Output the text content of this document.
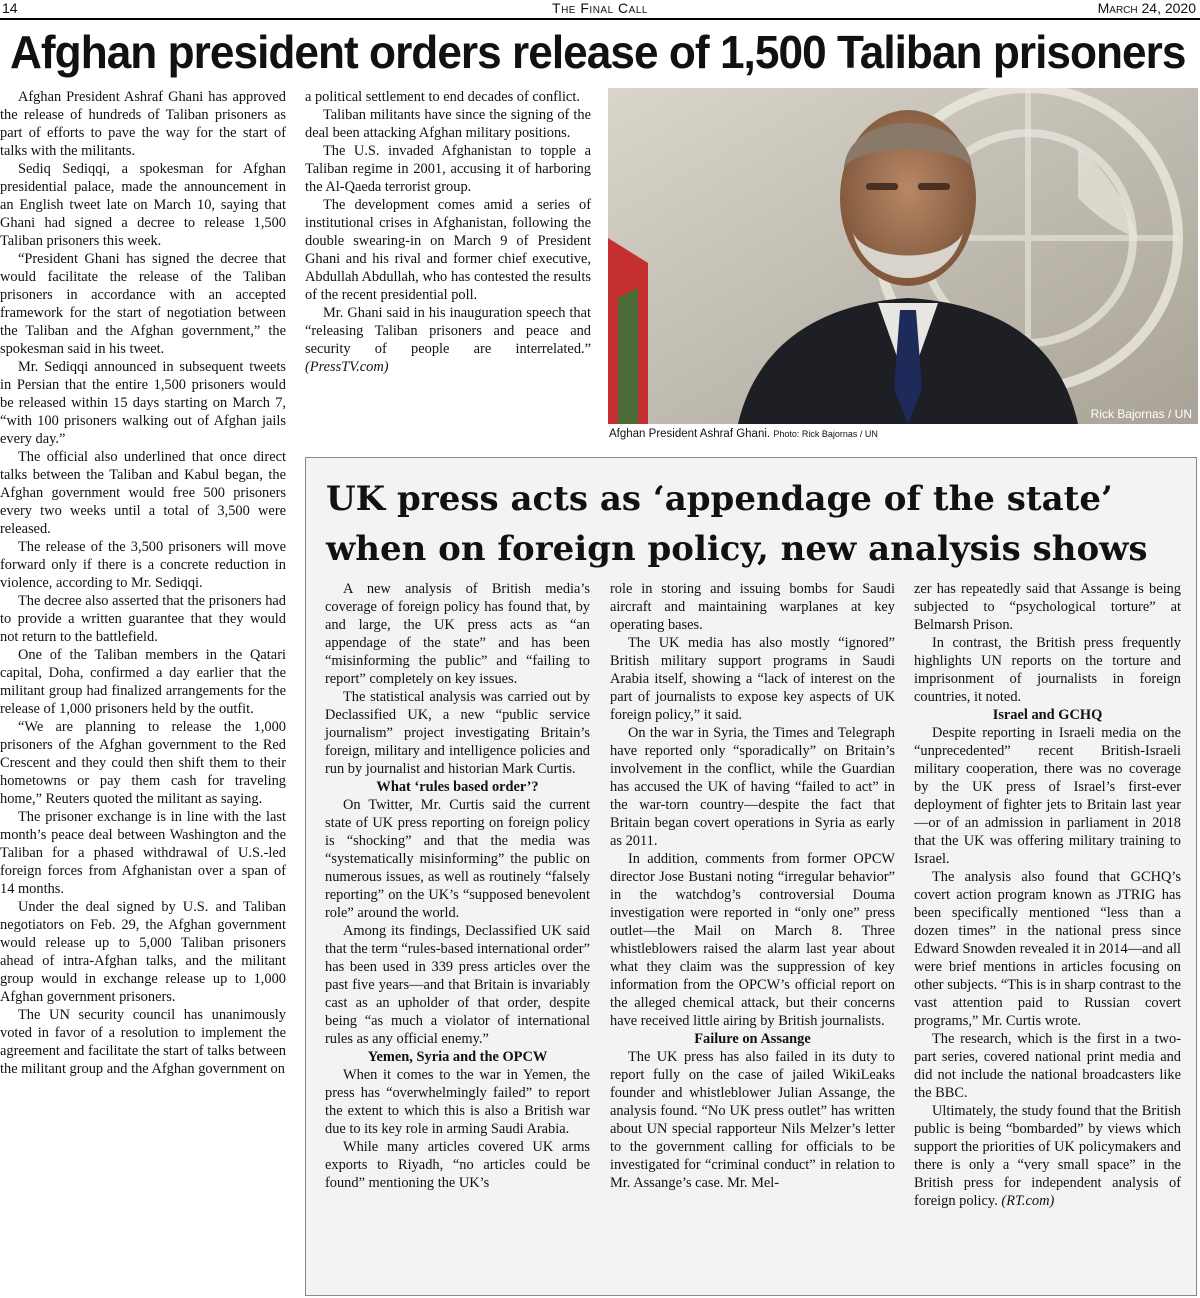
14	The Final Call	March 24, 2020
Afghan president orders release of 1,500 Taliban prisoners

Afghan President Ashraf Ghani has approved the release of hundreds of Taliban prisoners as part of efforts to pave the way for the start of talks with the militants.

Sediq Sediqqi, a spokesman for Afghan presidential palace, made the announcement in an English tweet late on March 10, saying that Ghani had signed a decree to release 1,500 Taliban prisoners this week.

“President Ghani has signed the decree that would facilitate the release of the Taliban prisoners in accordance with an accepted framework for the start of negotiation between the Taliban and the Afghan government,” the spokesman said in his tweet.

Mr. Sediqqi announced in subsequent tweets in Persian that the entire 1,500 prisoners would be released within 15 days starting on March 7, “with 100 prisoners walking out of Afghan jails every day.”

The official also underlined that once direct talks between the Taliban and Kabul began, the Afghan government would free 500 prisoners every two weeks until a total of 3,500 were released.

The release of the 3,500 prisoners will move forward only if there is a concrete reduction in violence, according to Mr. Sediqqi.

The decree also asserted that the prisoners had to provide a written guarantee that they would not return to the battlefield.

One of the Taliban members in the Qatari capital, Doha, confirmed a day earlier that the militant group had finalized arrangements for the release of 1,000 prisoners held by the outfit.

“We are planning to release the 1,000 prisoners of the Afghan government to the Red Crescent and they could then shift them to their hometowns or pay them cash for traveling home,” Reuters quoted the militant as saying.

The prisoner exchange is in line with the last month’s peace deal between Washington and the Taliban for a phased withdrawal of U.S.-led foreign forces from Afghanistan over a span of 14 months.

Under the deal signed by U.S. and Taliban negotiators on Feb. 29, the Afghan government would release up to 5,000 Taliban prisoners ahead of intra-Afghan talks, and the militant group would in exchange release up to 1,000 Afghan government prisoners.

The UN security council has unanimously voted in favor of a resolution to implement the agreement and facilitate the start of talks between the militant group and the Afghan government on

a political settlement to end decades of conflict.

Taliban militants have since the signing of the deal been attacking Afghan military positions.

The U.S. invaded Afghanistan to topple a Taliban regime in 2001, accusing it of harboring the Al-Qaeda terrorist group.

The development comes amid a series of institutional crises in Afghanistan, following the double swearing-in on March 9 of President Ghani and his rival and former chief executive, Abdullah Abdullah, who has contested the results of the recent presidential poll.

Mr. Ghani said in his inauguration speech that “releasing Taliban prisoners and peace and security of people are interrelated.” (PressTV.com)

Rick Bajornas / UN
Afghan President Ashraf Ghani. Photo: Rick Bajornas / UN
UK press acts as ‘appendage of the state’ when on foreign policy, new analysis shows

A new analysis of British media’s coverage of foreign policy has found that, by and large, the UK press acts as “an appendage of the state” and has been “misinforming the public” and “failing to report” completely on key issues.

The statistical analysis was carried out by Declassified UK, a new “public service journalism” project investigating Britain’s foreign, military and intelligence policies and run by journalist and historian Mark Curtis.

What ‘rules based order’?

On Twitter, Mr. Curtis said the current state of UK press reporting on foreign policy is “shocking” and that the media was “systematically misinforming” the public on numerous issues, as well as routinely “falsely reporting” on the UK’s “supposed benevolent role” around the world.

Among its findings, Declassified UK said that the term “rules-based international order” has been used in 339 press articles over the past five years—and that Britain is invariably cast as an upholder of that order, despite being “as much a violator of international rules as any official enemy.”

Yemen, Syria and the OPCW

When it comes to the war in Yemen, the press has “overwhelmingly failed” to report the extent to which this is also a British war due to its key role in arming Saudi Arabia.

While many articles covered UK arms exports to Riyadh, “no articles could be found” mentioning the UK’s

role in storing and issuing bombs for Saudi aircraft and maintaining warplanes at key operating bases.

The UK media has also mostly “ignored” British military support programs in Saudi Arabia itself, showing a “lack of interest on the part of journalists to expose key aspects of UK foreign policy,” it said.

On the war in Syria, the Times and Telegraph have reported only “sporadically” on Britain’s involvement in the conflict, while the Guardian has accused the UK of having “failed to act” in the war-torn country—despite the fact that Britain began covert operations in Syria as early as 2011.

In addition, comments from former OPCW director Jose Bustani noting “irregular behavior” in the watchdog’s controversial Douma investigation were reported in “only one” press outlet—the Mail on March 8. Three whistleblowers raised the alarm last year about what they claim was the suppression of key information from the OPCW’s official report on the alleged chemical attack, but their concerns have received little airing by British journalists.

Failure on Assange

The UK press has also failed in its duty to report fully on the case of jailed WikiLeaks founder and whistleblower Julian Assange, the analysis found. “No UK press outlet” has written about UN special rapporteur Nils Melzer’s letter to the government calling for officials to be investigated for “criminal conduct” in relation to Mr. Assange’s case. Mr. Mel-

zer has repeatedly said that Assange is being subjected to “psychological torture” at Belmarsh Prison.

In contrast, the British press frequently highlights UN reports on the torture and imprisonment of journalists in foreign countries, it noted.

Israel and GCHQ

Despite reporting in Israeli media on the “unprecedented” recent British-Israeli military cooperation, there was no coverage by the UK press of Israel’s first-ever deployment of fighter jets to Britain last year—or of an admission in parliament in 2018 that the UK was offering military training to Israel.

The analysis also found that GCHQ’s covert action program known as JTRIG has been specifically mentioned “less than a dozen times” in the national press since Edward Snowden revealed it in 2014—and all were brief mentions in articles focusing on other subjects. “This is in sharp contrast to the vast attention paid to Russian covert programs,” Mr. Curtis wrote.

The research, which is the first in a two-part series, covered national print media and did not include the national broadcasters like the BBC.

Ultimately, the study found that the British public is being “bombarded” by views which support the priorities of UK policymakers and there is only a “very small space” in the British press for independent analysis of foreign policy. (RT.com)
